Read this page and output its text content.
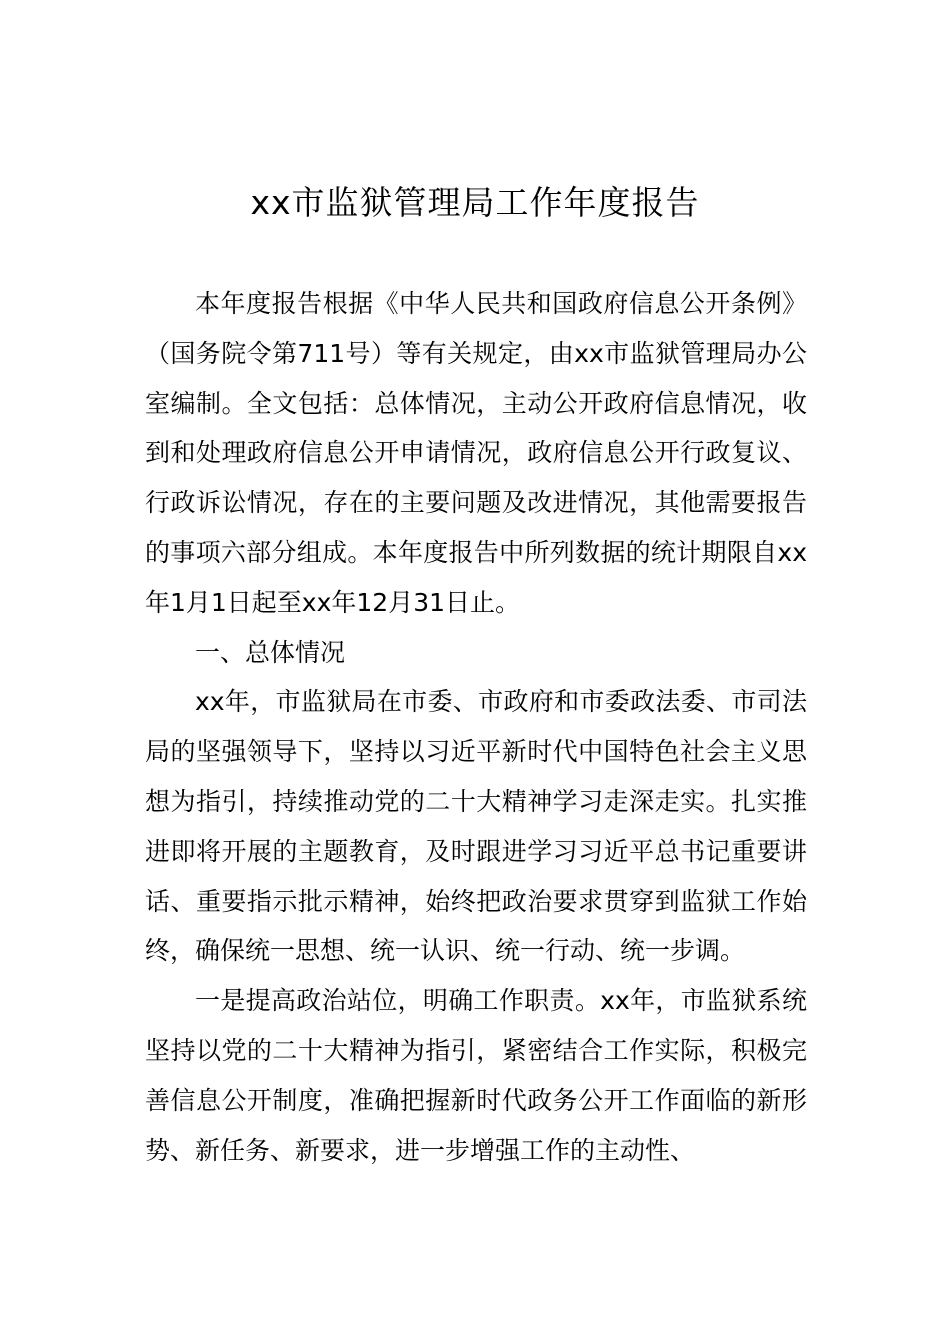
xx市监狱管理局工作年度报告

本年度报告根据《中华人民共和国政府信息公开条例》（国务院令第711号）等有关规定，由xx市监狱管理局办公室编制。全文包括：总体情况，主动公开政府信息情况，收到和处理政府信息公开申请情况，政府信息公开行政复议、行政诉讼情况，存在的主要问题及改进情况，其他需要报告的事项六部分组成。本年度报告中所列数据的统计期限自xx年1月1日起至xx年12月31日止。

一、总体情况

xx年，市监狱局在市委、市政府和市委政法委、市司法局的坚强领导下，坚持以习近平新时代中国特色社会主义思想为指引，持续推动党的二十大精神学习走深走实。扎实推进即将开展的主题教育，及时跟进学习习近平总书记重要讲话、重要指示批示精神，始终把政治要求贯穿到监狱工作始终，确保统一思想、统一认识、统一行动、统一步调。

一是提高政治站位，明确工作职责。xx年，市监狱系统坚持以党的二十大精神为指引，紧密结合工作实际，积极完善信息公开制度，准确把握新时代政务公开工作面临的新形势、新任务、新要求，进一步增强工作的主动性、
